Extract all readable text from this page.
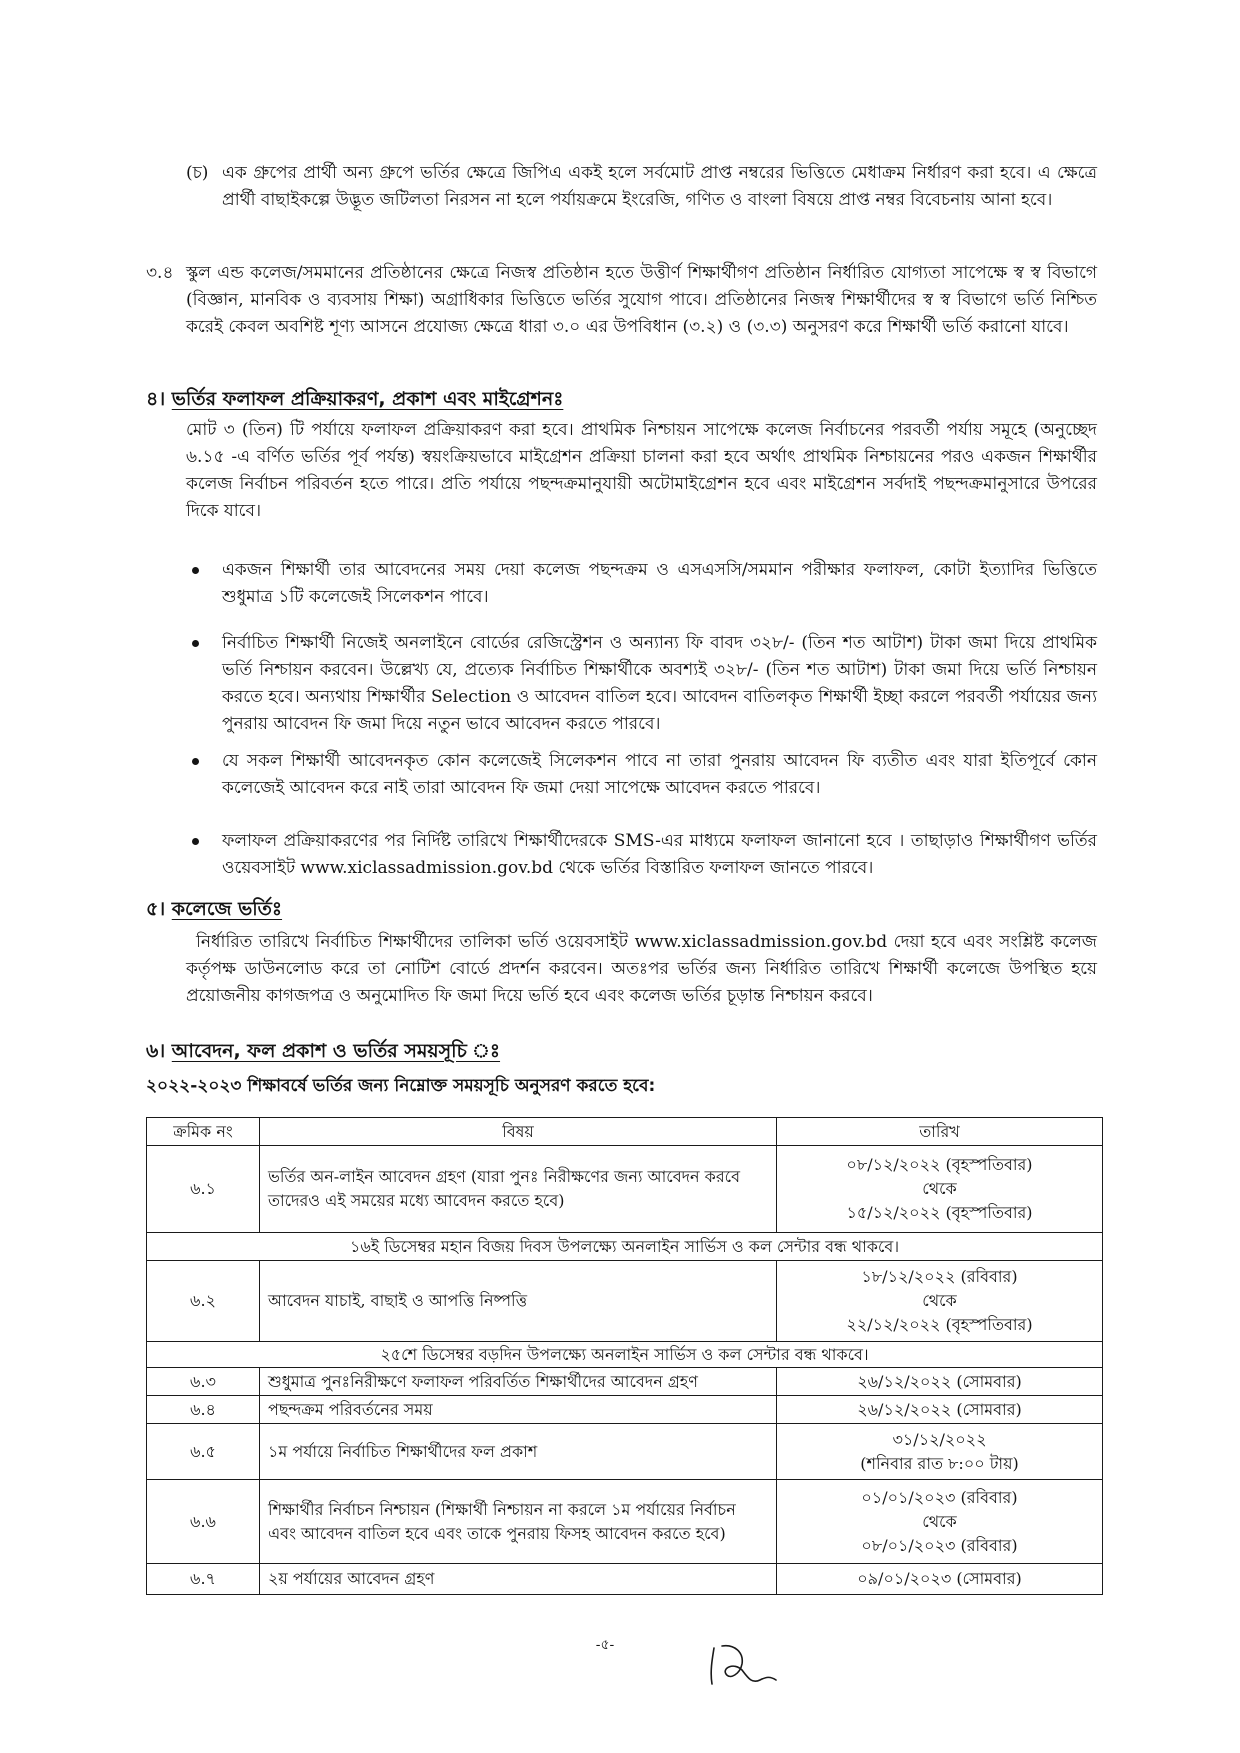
(চ) এক গ্রুপের প্রার্থী অন্য গ্রুপে ভর্তির ক্ষেত্রে জিপিএ একই হলে সর্বমোট প্রাপ্ত নম্বরের ভিত্তিতে মেধাক্রম নির্ধারণ করা হবে। এ ক্ষেত্রে প্রার্থী বাছাইকল্পে উদ্ভূত জটিলতা নিরসন না হলে পর্যায়ক্রমে ইংরেজি, গণিত ও বাংলা বিষয়ে প্রাপ্ত নম্বর বিবেচনায় আনা হবে।
৩.৪ স্কুল এন্ড কলেজ/সমমানের প্রতিষ্ঠানের ক্ষেত্রে নিজস্ব প্রতিষ্ঠান হতে উত্তীর্ণ শিক্ষার্থীগণ প্রতিষ্ঠান নির্ধারিত যোগ্যতা সাপেক্ষে স্ব স্ব বিভাগে (বিজ্ঞান, মানবিক ও ব্যবসায় শিক্ষা) অগ্রাধিকার ভিত্তিতে ভর্তির সুযোগ পাবে। প্রতিষ্ঠানের নিজস্ব শিক্ষার্থীদের স্ব স্ব বিভাগে ভর্তি নিশ্চিত করেই কেবল অবশিষ্ট শূণ্য আসনে প্রযোজ্য ক্ষেত্রে ধারা ৩.০ এর উপবিধান (৩.২) ও (৩.৩) অনুসরণ করে শিক্ষার্থী ভর্তি করানো যাবে।
৪। ভর্তির ফলাফল প্রক্রিয়াকরণ, প্রকাশ এবং মাইগ্রেশনঃ
মোট ৩ (তিন) টি পর্যায়ে ফলাফল প্রক্রিয়াকরণ করা হবে। প্রাথমিক নিশ্চায়ন সাপেক্ষে কলেজ নির্বাচনের পরবর্তী পর্যায় সমূহে (অনুচ্ছেদ ৬.১৫ -এ বর্ণিত ভর্তির পূর্ব পর্যন্ত) স্বয়ংক্রিয়ভাবে মাইগ্রেশন প্রক্রিয়া চালনা করা হবে অর্থাৎ প্রাথমিক নিশ্চায়নের পরও একজন শিক্ষার্থীর কলেজ নির্বাচন পরিবর্তন হতে পারে। প্রতি পর্যায়ে পছন্দক্রমানুযায়ী অটোমাইগ্রেশন হবে এবং মাইগ্রেশন সর্বদাই পছন্দক্রমানুসারে উপরের দিকে যাবে।
একজন শিক্ষার্থী তার আবেদনের সময় দেয়া কলেজ পছন্দক্রম ও এসএসসি/সমমান পরীক্ষার ফলাফল, কোটা ইত্যাদির ভিত্তিতে শুধুমাত্র ১টি কলেজেই সিলেকশন পাবে।
নির্বাচিত শিক্ষার্থী নিজেই অনলাইনে বোর্ডের রেজিস্ট্রেশন ও অন্যান্য ফি বাবদ ৩২৮/- (তিন শত আটাশ) টাকা জমা দিয়ে প্রাথমিক ভর্তি নিশ্চায়ন করবেন। উল্লেখ্য যে, প্রত্যেক নির্বাচিত শিক্ষার্থীকে অবশ্যই ৩২৮/- (তিন শত আটাশ) টাকা জমা দিয়ে ভর্তি নিশ্চায়ন করতে হবে। অন্যথায় শিক্ষার্থীর Selection ও আবেদন বাতিল হবে। আবেদন বাতিলকৃত শিক্ষার্থী ইচ্ছা করলে পরবর্তী পর্যায়ের জন্য পুনরায় আবেদন ফি জমা দিয়ে নতুন ভাবে আবেদন করতে পারবে।
যে সকল শিক্ষার্থী আবেদনকৃত কোন কলেজেই সিলেকশন পাবে না তারা পুনরায় আবেদন ফি ব্যতীত এবং যারা ইতিপূর্বে কোন কলেজেই আবেদন করে নাই তারা আবেদন ফি জমা দেয়া সাপেক্ষে আবেদন করতে পারবে।
ফলাফল প্রক্রিয়াকরণের পর নির্দিষ্ট তারিখে শিক্ষার্থীদেরকে SMS-এর মাধ্যমে ফলাফল জানানো হবে । তাছাড়াও শিক্ষার্থীগণ ভর্তির ওয়েবসাইট www.xiclassadmission.gov.bd থেকে ভর্তির বিস্তারিত ফলাফল জানতে পারবে।
৫। কলেজে ভর্তিঃ
নির্ধারিত তারিখে নির্বাচিত শিক্ষার্থীদের তালিকা ভর্তি ওয়েবসাইট www.xiclassadmission.gov.bd দেয়া হবে এবং সংশ্লিষ্ট কলেজ কর্তৃপক্ষ ডাউনলোড করে তা নোটিশ বোর্ডে প্রদর্শন করবেন। অতঃপর ভর্তির জন্য নির্ধারিত তারিখে শিক্ষার্থী কলেজে উপস্থিত হয়ে প্রয়োজনীয় কাগজপত্র ও অনুমোদিত ফি জমা দিয়ে ভর্তি হবে এবং কলেজ ভর্তির চূড়ান্ত নিশ্চায়ন করবে।
৬। আবেদন, ফল প্রকাশ ও ভর্তির সময়সূচি ঃ
২০২২-২০২৩ শিক্ষাবর্ষে ভর্তির জন্য নিম্নোক্ত সময়সূচি অনুসরণ করতে হবে:
ক্রমিক নং	বিষয়	তারিখ
৬.১	ভর্তির অন-লাইন আবেদন গ্রহণ (যারা পুনঃ নিরীক্ষণের জন্য আবেদন করবে তাদেরও এই সময়ের মধ্যে আবেদন করতে হবে)	০৮/১২/২০২২ (বৃহস্পতিবার)
থেকে
১৫/১২/২০২২ (বৃহস্পতিবার)

১৬ই ডিসেম্বর মহান বিজয় দিবস উপলক্ষ্যে অনলাইন সার্ভিস ও কল সেন্টার বন্ধ থাকবে।		
৬.২	আবেদন যাচাই, বাছাই ও আপত্তি নিষ্পত্তি	১৮/১২/২০২২ (রবিবার)
থেকে
২২/১২/২০২২ (বৃহস্পতিবার)

২৫শে ডিসেম্বর বড়দিন উপলক্ষ্যে অনলাইন সার্ভিস ও কল সেন্টার বন্ধ থাকবে।		
৬.৩	শুধুমাত্র পুনঃনিরীক্ষণে ফলাফল পরিবর্তিত শিক্ষার্থীদের আবেদন গ্রহণ	২৬/১২/২০২২ (সোমবার)

৬.৪	পছন্দক্রম পরিবর্তনের সময়	২৬/১২/২০২২ (সোমবার)

৬.৫	১ম পর্যায়ে নির্বাচিত শিক্ষার্থীদের ফল প্রকাশ	৩১/১২/২০২২
(শনিবার রাত ৮:০০ টায়)

৬.৬	শিক্ষার্থীর নির্বাচন নিশ্চায়ন (শিক্ষার্থী নিশ্চায়ন না করলে ১ম পর্যায়ের নির্বাচন এবং আবেদন বাতিল হবে এবং তাকে পুনরায় ফিসহ আবেদন করতে হবে)	০১/০১/২০২৩ (রবিবার)
থেকে
০৮/০১/২০২৩ (রবিবার)

৬.৭	২য় পর্যায়ের আবেদন গ্রহণ	০৯/০১/২০২৩ (সোমবার)
-৫-
